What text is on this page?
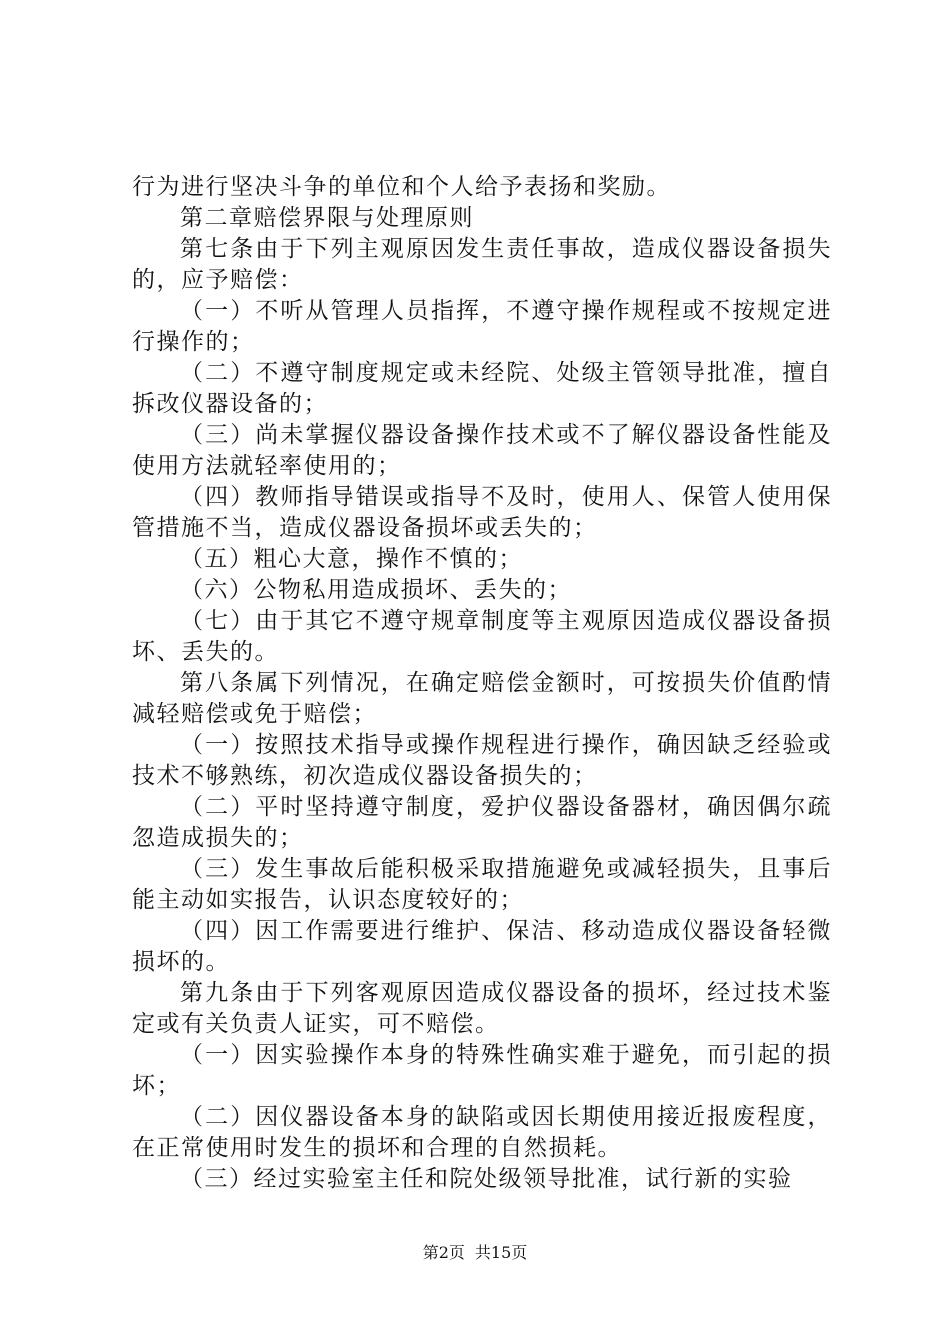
行为进行坚决斗争的单位和个人给予表扬和奖励。

第二章赔偿界限与处理原则

第七条由于下列主观原因发生责任事故，造成仪器设备损失的，应予赔偿：

（一）不听从管理人员指挥，不遵守操作规程或不按规定进行操作的；

（二）不遵守制度规定或未经院、处级主管领导批准，擅自拆改仪器设备的；

（三）尚未掌握仪器设备操作技术或不了解仪器设备性能及使用方法就轻率使用的；

（四）教师指导错误或指导不及时，使用人、保管人使用保管措施不当，造成仪器设备损坏或丢失的；

（五）粗心大意，操作不慎的；

（六）公物私用造成损坏、丢失的；

（七）由于其它不遵守规章制度等主观原因造成仪器设备损坏、丢失的。

第八条属下列情况，在确定赔偿金额时，可按损失价值酌情减轻赔偿或免于赔偿；

（一）按照技术指导或操作规程进行操作，确因缺乏经验或技术不够熟练，初次造成仪器设备损失的；

（二）平时坚持遵守制度，爱护仪器设备器材，确因偶尔疏忽造成损失的；

（三）发生事故后能积极采取措施避免或减轻损失，且事后能主动如实报告，认识态度较好的；

（四）因工作需要进行维护、保洁、移动造成仪器设备轻微损坏的。

第九条由于下列客观原因造成仪器设备的损坏，经过技术鉴定或有关负责人证实，可不赔偿。

（一）因实验操作本身的特殊性确实难于避免，而引起的损坏；

（二）因仪器设备本身的缺陷或因长期使用接近报废程度，在正常使用时发生的损坏和合理的自然损耗。

（三）经过实验室主任和院处级领导批准，试行新的实验

第2页 共15页
